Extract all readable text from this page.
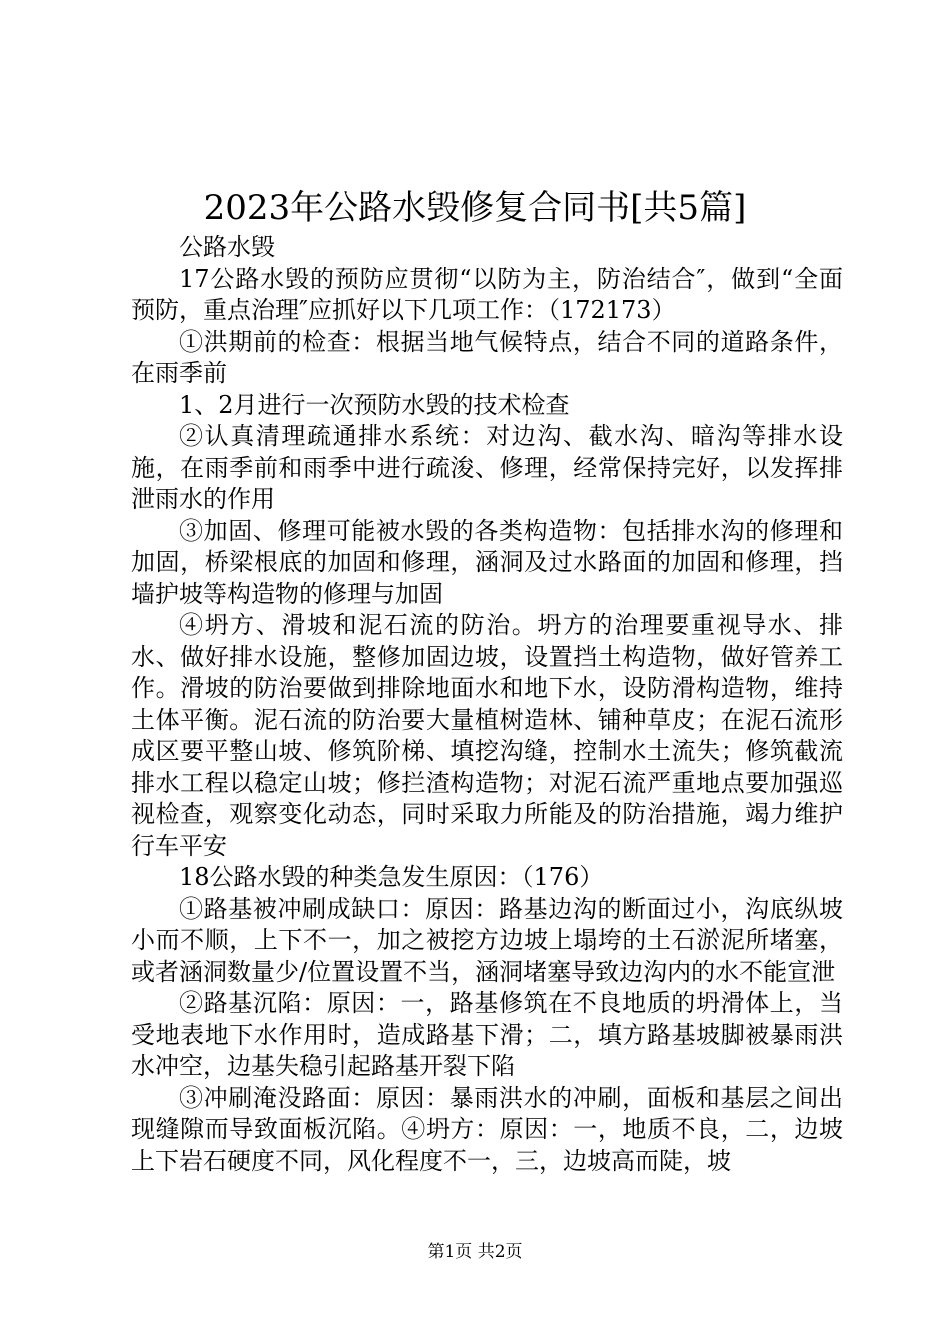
2023年公路水毁修复合同书[共5篇]

公路水毁

17公路水毁的预防应贯彻“以防为主，防治结合″，做到“全面预防，重点治理″应抓好以下几项工作：（172173）

①洪期前的检查：根据当地气候特点，结合不同的道路条件，在雨季前

1、2月进行一次预防水毁的技术检查

②认真清理疏通排水系统：对边沟、截水沟、暗沟等排水设施，在雨季前和雨季中进行疏浚、修理，经常保持完好，以发挥排泄雨水的作用

③加固、修理可能被水毁的各类构造物：包括排水沟的修理和加固，桥梁根底的加固和修理，涵洞及过水路面的加固和修理，挡墙护坡等构造物的修理与加固

④坍方、滑坡和泥石流的防治。坍方的治理要重视导水、排水、做好排水设施，整修加固边坡，设置挡土构造物，做好管养工作。滑坡的防治要做到排除地面水和地下水，设防滑构造物，维持土体平衡。泥石流的防治要大量植树造林、铺种草皮；在泥石流形成区要平整山坡、修筑阶梯、填挖沟缝，控制水土流失；修筑截流排水工程以稳定山坡；修拦渣构造物；对泥石流严重地点要加强巡视检查，观察变化动态，同时采取力所能及的防治措施，竭力维护行车平安

18公路水毁的种类急发生原因：（176）

①路基被冲刷成缺口：原因：路基边沟的断面过小，沟底纵坡小而不顺，上下不一，加之被挖方边坡上塌垮的土石淤泥所堵塞，或者涵洞数量少/位置设置不当，涵洞堵塞导致边沟内的水不能宣泄

②路基沉陷：原因：一，路基修筑在不良地质的坍滑体上，当受地表地下水作用时，造成路基下滑；二，填方路基坡脚被暴雨洪水冲空，边基失稳引起路基开裂下陷

③冲刷淹没路面：原因：暴雨洪水的冲刷，面板和基层之间出现缝隙而导致面板沉陷。④坍方：原因：一，地质不良，二，边坡上下岩石硬度不同，风化程度不一，三，边坡高而陡，坡

第1页 共2页
